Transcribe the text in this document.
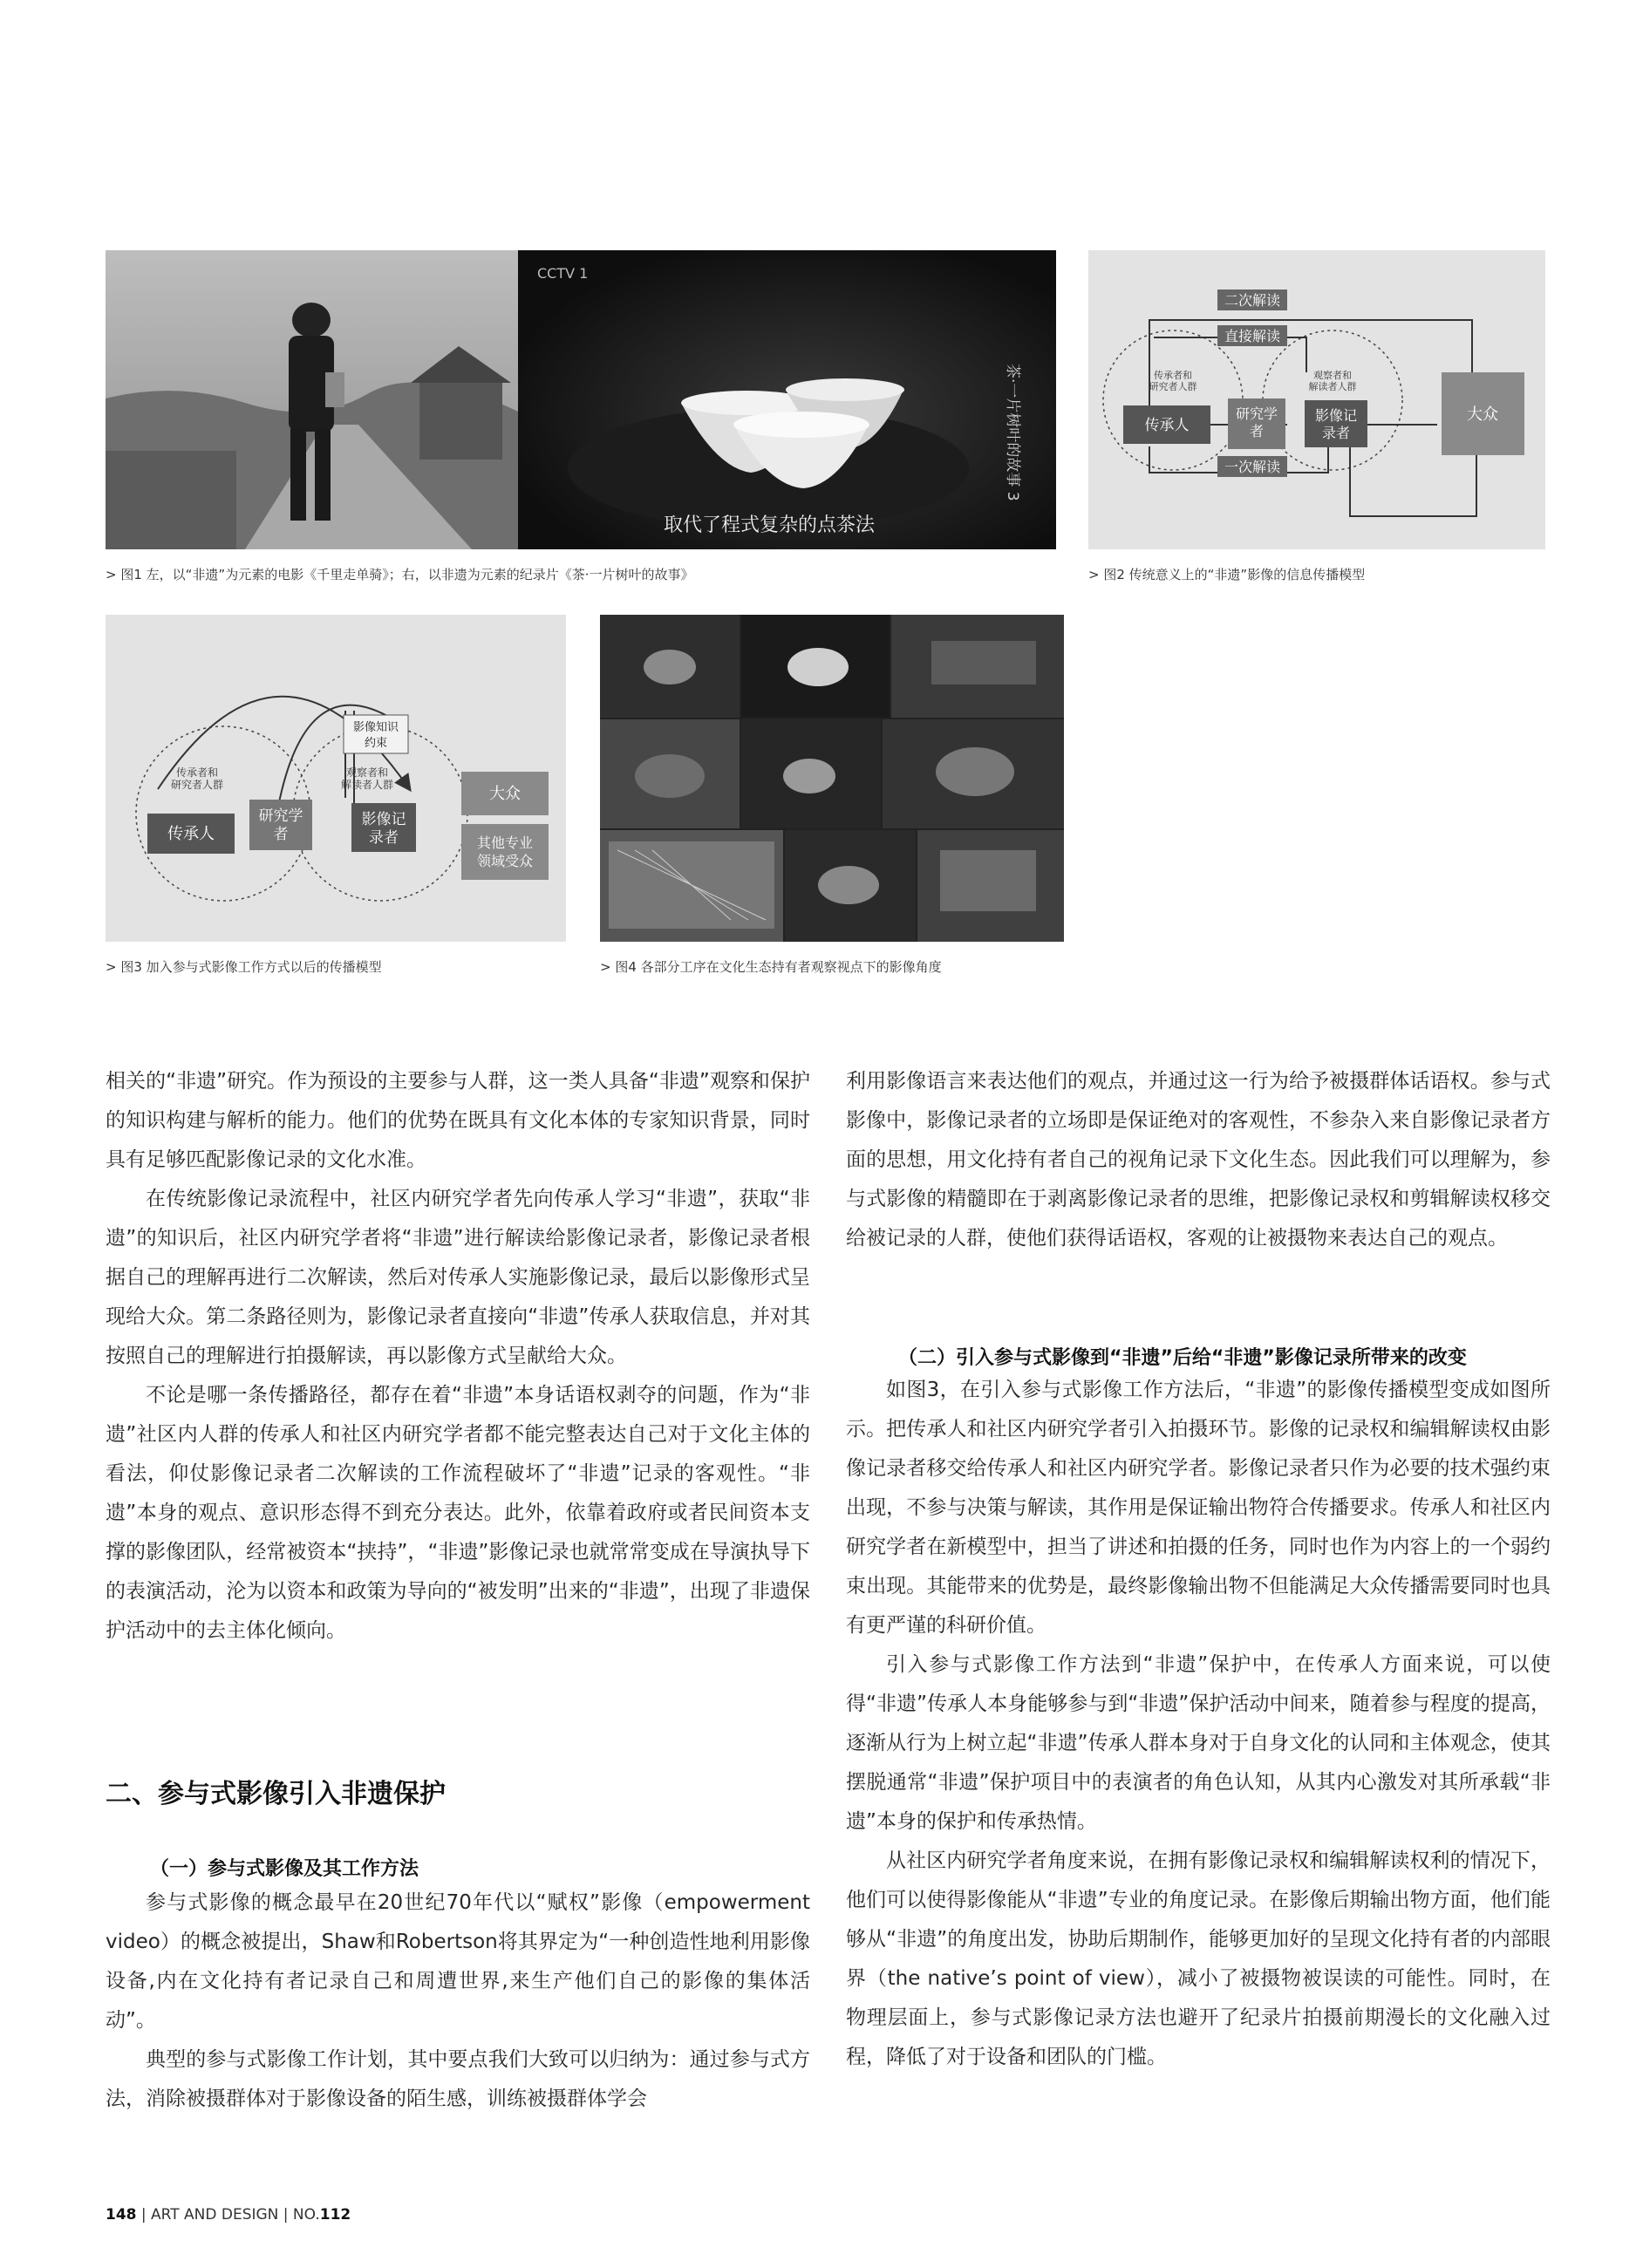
CCTV 1
取代了程式复杂的点茶法
茶·一片树叶的故事 3
> 图1 左，以“非遗”为元素的电影《千里走单骑》；右，以非遗为元素的纪录片《茶·一片树叶的故事》
二次解读
直接解读
一次解读
传承者和
研究者人群
观察者和
解读者人群
传承人
研究学
者
影像记
录者
大众
> 图2 传统意义上的“非遗”影像的信息传播模型
影像知识
约束
传承者和
研究者人群
观察者和
解读者人群
传承人
研究学
者
影像记
录者
大众
其他专业
领域受众
> 图3 加入参与式影像工作方式以后的传播模型	> 图4 各部分工序在文化生态持有者观察视点下的影像角度

相关的“非遗”研究。作为预设的主要参与人群，这一类人具备“非遗”观察和保护的知识构建与解析的能力。他们的优势在既具有文化本体的专家知识背景，同时具有足够匹配影像记录的文化水准。

在传统影像记录流程中，社区内研究学者先向传承人学习“非遗”，获取“非遗”的知识后，社区内研究学者将“非遗”进行解读给影像记录者，影像记录者根据自己的理解再进行二次解读，然后对传承人实施影像记录，最后以影像形式呈现给大众。第二条路径则为，影像记录者直接向“非遗”传承人获取信息，并对其按照自己的理解进行拍摄解读，再以影像方式呈献给大众。

不论是哪一条传播路径，都存在着“非遗”本身话语权剥夺的问题，作为“非遗”社区内人群的传承人和社区内研究学者都不能完整表达自己对于文化主体的看法，仰仗影像记录者二次解读的工作流程破坏了“非遗”记录的客观性。“非遗”本身的观点、意识形态得不到充分表达。此外，依靠着政府或者民间资本支撑的影像团队，经常被资本“挟持”，“非遗”影像记录也就常常变成在导演执导下的表演活动，沦为以资本和政策为导向的“被发明”出来的“非遗”，出现了非遗保护活动中的去主体化倾向。

二、参与式影像引入非遗保护
（一）参与式影像及其工作方法

参与式影像的概念最早在20世纪70年代以“赋权”影像（empowerment video）的概念被提出，Shaw和Robertson将其界定为“一种创造性地利用影像设备,内在文化持有者记录自己和周遭世界,来生产他们自己的影像的集体活动”。

典型的参与式影像工作计划，其中要点我们大致可以归纳为：通过参与式方法，消除被摄群体对于影像设备的陌生感，训练被摄群体学会

利用影像语言来表达他们的观点，并通过这一行为给予被摄群体话语权。参与式影像中，影像记录者的立场即是保证绝对的客观性，不参杂入来自影像记录者方面的思想，用文化持有者自己的视角记录下文化生态。因此我们可以理解为，参与式影像的精髓即在于剥离影像记录者的思维，把影像记录权和剪辑解读权移交给被记录的人群，使他们获得话语权，客观的让被摄物来表达自己的观点。

（二）引入参与式影像到“非遗”后给“非遗”影像记录所带来的改变

如图3，在引入参与式影像工作方法后，“非遗”的影像传播模型变成如图所示。把传承人和社区内研究学者引入拍摄环节。影像的记录权和编辑解读权由影像记录者移交给传承人和社区内研究学者。影像记录者只作为必要的技术强约束出现，不参与决策与解读，其作用是保证输出物符合传播要求。传承人和社区内研究学者在新模型中，担当了讲述和拍摄的任务，同时也作为内容上的一个弱约束出现。其能带来的优势是，最终影像输出物不但能满足大众传播需要同时也具有更严谨的科研价值。

引入参与式影像工作方法到“非遗”保护中，在传承人方面来说，可以使得“非遗”传承人本身能够参与到“非遗”保护活动中间来，随着参与程度的提高，逐渐从行为上树立起“非遗”传承人群本身对于自身文化的认同和主体观念，使其摆脱通常“非遗”保护项目中的表演者的角色认知，从其内心激发对其所承载“非遗”本身的保护和传承热情。

从社区内研究学者角度来说，在拥有影像记录权和编辑解读权利的情况下，他们可以使得影像能从“非遗”专业的角度记录。在影像后期输出物方面，他们能够从“非遗”的角度出发，协助后期制作，能够更加好的呈现文化持有者的内部眼界（the native’s point of view），减小了被摄物被误读的可能性。同时，在物理层面上，参与式影像记录方法也避开了纪录片拍摄前期漫长的文化融入过程，降低了对于设备和团队的门槛。

148 | ART AND DESIGN | NO.112
